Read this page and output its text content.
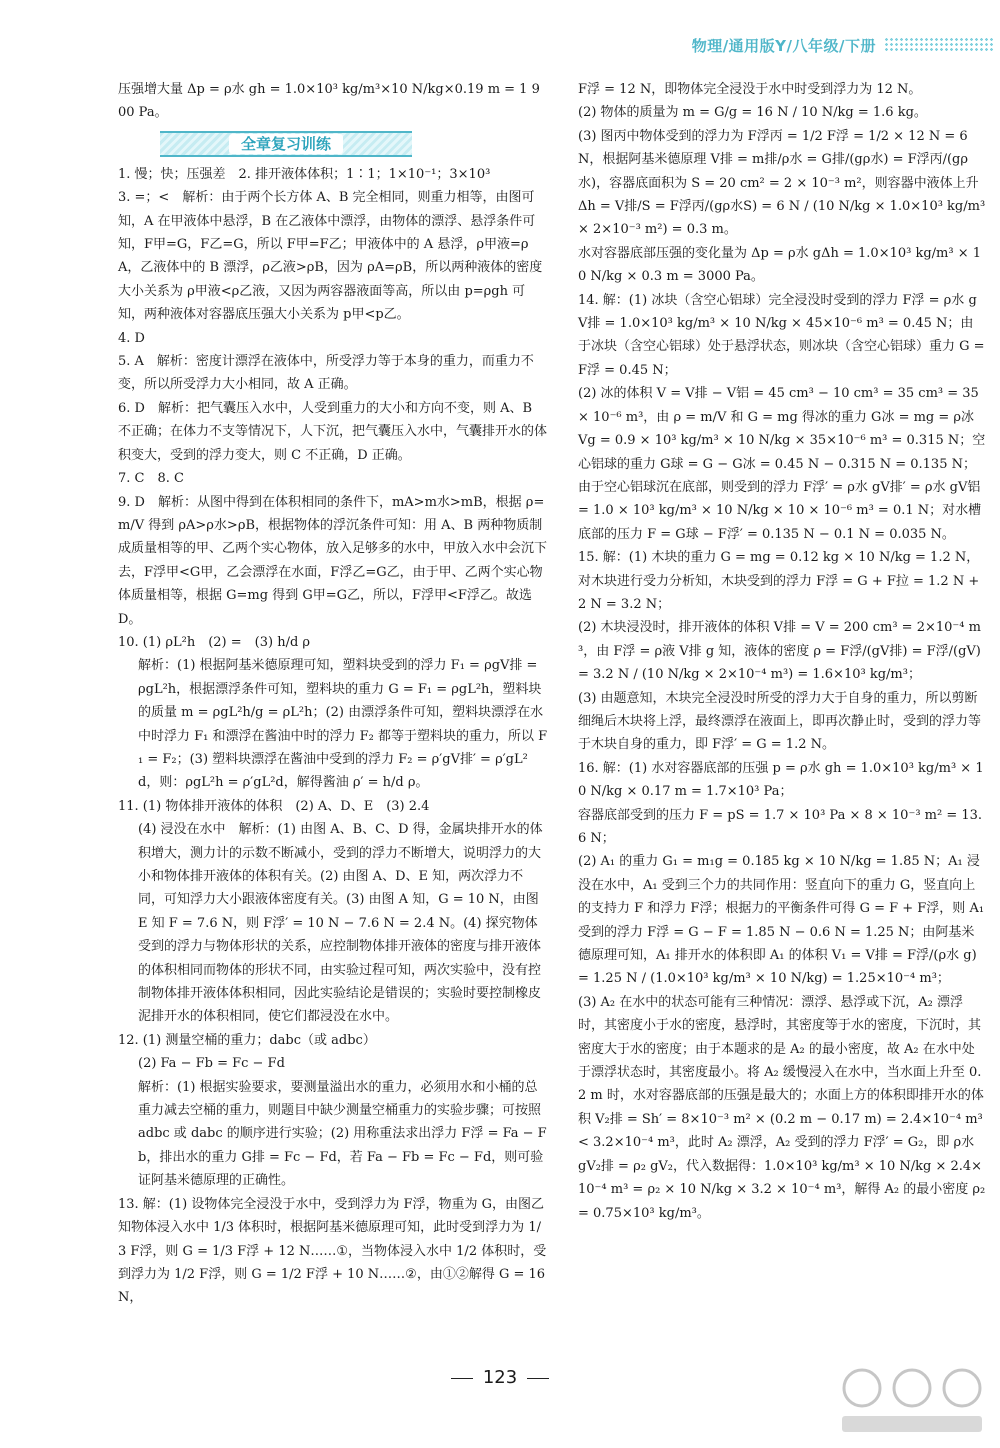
物理/通用版Y/八年级/下册

压强增大量 Δp = ρ水 gh = 1.0×10³ kg/m³×10 N/kg×0.19 m = 1 900 Pa。

全章复习训练

1. 慢；快；压强差　2. 排开液体体积；1∶1；1×10⁻¹；3×10³

3. =；<　解析：由于两个长方体 A、B 完全相同，则重力相等，由图可知，A 在甲液体中悬浮，B 在乙液体中漂浮，由物体的漂浮、悬浮条件可知，F甲=G，F乙=G，所以 F甲=F乙；甲液体中的 A 悬浮，ρ甲液=ρA，乙液体中的 B 漂浮，ρ乙液>ρB，因为 ρA=ρB，所以两种液体的密度大小关系为 ρ甲液<ρ乙液，又因为两容器液面等高，所以由 p=ρgh 可知，两种液体对容器底压强大小关系为 p甲<p乙。

4. D

5. A　解析：密度计漂浮在液体中，所受浮力等于本身的重力，而重力不变，所以所受浮力大小相同，故 A 正确。

6. D　解析：把气囊压入水中，人受到重力的大小和方向不变，则 A、B 不正确；在体力不支等情况下，人下沉，把气囊压入水中，气囊排开水的体积变大，受到的浮力变大，则 C 不正确，D 正确。

7. C　8. C

9. D　解析：从图中得到在体积相同的条件下，mA>m水>mB，根据 ρ=m/V 得到 ρA>ρ水>ρB，根据物体的浮沉条件可知：用 A、B 两种物质制成质量相等的甲、乙两个实心物体，放入足够多的水中，甲放入水中会沉下去，F浮甲<G甲，乙会漂浮在水面，F浮乙=G乙，由于甲、乙两个实心物体质量相等，根据 G=mg 得到 G甲=G乙，所以，F浮甲<F浮乙。故选 D。

10. (1) ρL²h　(2) =　(3) h/d ρ

解析：(1) 根据阿基米德原理可知，塑料块受到的浮力 F₁ = ρgV排 = ρgL²h，根据漂浮条件可知，塑料块的重力 G = F₁ = ρgL²h，塑料块的质量 m = ρgL²h/g = ρL²h；(2) 由漂浮条件可知，塑料块漂浮在水中时浮力 F₁ 和漂浮在酱油中时的浮力 F₂ 都等于塑料块的重力，所以 F₁ = F₂；(3) 塑料块漂浮在酱油中受到的浮力 F₂ = ρ′gV排′ = ρ′gL²d，则：ρgL²h = ρ′gL²d，解得酱油 ρ′ = h/d ρ。

11. (1) 物体排开液体的体积　(2) A、D、E　(3) 2.4

(4) 浸没在水中　解析：(1) 由图 A、B、C、D 得，金属块排开水的体积增大，测力计的示数不断减小，受到的浮力不断增大，说明浮力的大小和物体排开液体的体积有关。(2) 由图 A、D、E 知，两次浮力不同，可知浮力大小跟液体密度有关。(3) 由图 A 知，G = 10 N，由图 E 知 F = 7.6 N，则 F浮′ = 10 N − 7.6 N = 2.4 N。(4) 探究物体受到的浮力与物体形状的关系，应控制物体排开液体的密度与排开液体的体积相同而物体的形状不同，由实验过程可知，两次实验中，没有控制物体排开液体体积相同，因此实验结论是错误的；实验时要控制橡皮泥排开水的体积相同，使它们都浸没在水中。

12. (1) 测量空桶的重力；dabc（或 adbc）

(2) Fa − Fb = Fc − Fd

解析：(1) 根据实验要求，要测量溢出水的重力，必须用水和小桶的总重力减去空桶的重力，则题目中缺少测量空桶重力的实验步骤；可按照 adbc 或 dabc 的顺序进行实验；(2) 用称重法求出浮力 F浮 = Fa − Fb，排出水的重力 G排 = Fc − Fd，若 Fa − Fb = Fc − Fd，则可验证阿基米德原理的正确性。

13. 解：(1) 设物体完全浸没于水中，受到浮力为 F浮，物重为 G，由图乙知物体浸入水中 1/3 体积时，根据阿基米德原理可知，此时受到浮力为 1/3 F浮，则 G = 1/3 F浮 + 12 N……①，当物体浸入水中 1/2 体积时，受到浮力为 1/2 F浮，则 G = 1/2 F浮 + 10 N……②，由①②解得 G = 16 N，

F浮 = 12 N，即物体完全浸没于水中时受到浮力为 12 N。

(2) 物体的质量为 m = G/g = 16 N / 10 N/kg = 1.6 kg。

(3) 图丙中物体受到的浮力为 F浮丙 = 1/2 F浮 = 1/2 × 12 N = 6 N，根据阿基米德原理 V排 = m排/ρ水 = G排/(gρ水) = F浮丙/(gρ水)，容器底面积为 S = 20 cm² = 2 × 10⁻³ m²，则容器中液体上升 Δh = V排/S = F浮丙/(gρ水S) = 6 N / (10 N/kg × 1.0×10³ kg/m³ × 2×10⁻³ m²) = 0.3 m。

水对容器底部压强的变化量为 Δp = ρ水 gΔh = 1.0×10³ kg/m³ × 10 N/kg × 0.3 m = 3000 Pa。

14. 解：(1) 冰块（含空心铝球）完全浸没时受到的浮力 F浮 = ρ水 gV排 = 1.0×10³ kg/m³ × 10 N/kg × 45×10⁻⁶ m³ = 0.45 N；由于冰块（含空心铝球）处于悬浮状态，则冰块（含空心铝球）重力 G = F浮 = 0.45 N；

(2) 冰的体积 V = V排 − V铝 = 45 cm³ − 10 cm³ = 35 cm³ = 35 × 10⁻⁶ m³，由 ρ = m/V 和 G = mg 得冰的重力 G冰 = mg = ρ冰 Vg = 0.9 × 10³ kg/m³ × 10 N/kg × 35×10⁻⁶ m³ = 0.315 N；空心铝球的重力 G球 = G − G冰 = 0.45 N − 0.315 N = 0.135 N；由于空心铝球沉在底部，则受到的浮力 F浮′ = ρ水 gV排′ = ρ水 gV铝 = 1.0 × 10³ kg/m³ × 10 N/kg × 10 × 10⁻⁶ m³ = 0.1 N；对水槽底部的压力 F = G球 − F浮′ = 0.135 N − 0.1 N = 0.035 N。

15. 解：(1) 木块的重力 G = mg = 0.12 kg × 10 N/kg = 1.2 N，对木块进行受力分析知，木块受到的浮力 F浮 = G + F拉 = 1.2 N + 2 N = 3.2 N；

(2) 木块浸没时，排开液体的体积 V排 = V = 200 cm³ = 2×10⁻⁴ m³，由 F浮 = ρ液 V排 g 知，液体的密度 ρ = F浮/(gV排) = F浮/(gV) = 3.2 N / (10 N/kg × 2×10⁻⁴ m³) = 1.6×10³ kg/m³；

(3) 由题意知，木块完全浸没时所受的浮力大于自身的重力，所以剪断细绳后木块将上浮，最终漂浮在液面上，即再次静止时，受到的浮力等于木块自身的重力，即 F浮′ = G = 1.2 N。

16. 解：(1) 水对容器底部的压强 p = ρ水 gh = 1.0×10³ kg/m³ × 10 N/kg × 0.17 m = 1.7×10³ Pa；

容器底部受到的压力 F = pS = 1.7 × 10³ Pa × 8 × 10⁻³ m² = 13.6 N；

(2) A₁ 的重力 G₁ = m₁g = 0.185 kg × 10 N/kg = 1.85 N；A₁ 浸没在水中，A₁ 受到三个力的共同作用：竖直向下的重力 G，竖直向上的支持力 F 和浮力 F浮；根据力的平衡条件可得 G = F + F浮，则 A₁ 受到的浮力 F浮 = G − F = 1.85 N − 0.6 N = 1.25 N；由阿基米德原理可知，A₁ 排开水的体积即 A₁ 的体积 V₁ = V排 = F浮/(ρ水 g) = 1.25 N / (1.0×10³ kg/m³ × 10 N/kg) = 1.25×10⁻⁴ m³；

(3) A₂ 在水中的状态可能有三种情况：漂浮、悬浮或下沉，A₂ 漂浮时，其密度小于水的密度，悬浮时，其密度等于水的密度，下沉时，其密度大于水的密度；由于本题求的是 A₂ 的最小密度，故 A₂ 在水中处于漂浮状态时，其密度最小。将 A₂ 缓慢浸入在水中，当水面上升至 0.2 m 时，水对容器底部的压强是最大的；水面上方的体积即排开水的体积 V₂排 = Sh′ = 8×10⁻³ m² × (0.2 m − 0.17 m) = 2.4×10⁻⁴ m³ < 3.2×10⁻⁴ m³，此时 A₂ 漂浮，A₂ 受到的浮力 F浮′ = G₂，即 ρ水 gV₂排 = ρ₂ gV₂，代入数据得：1.0×10³ kg/m³ × 10 N/kg × 2.4×10⁻⁴ m³ = ρ₂ × 10 N/kg × 3.2 × 10⁻⁴ m³，解得 A₂ 的最小密度 ρ₂ = 0.75×10³ kg/m³。

123
